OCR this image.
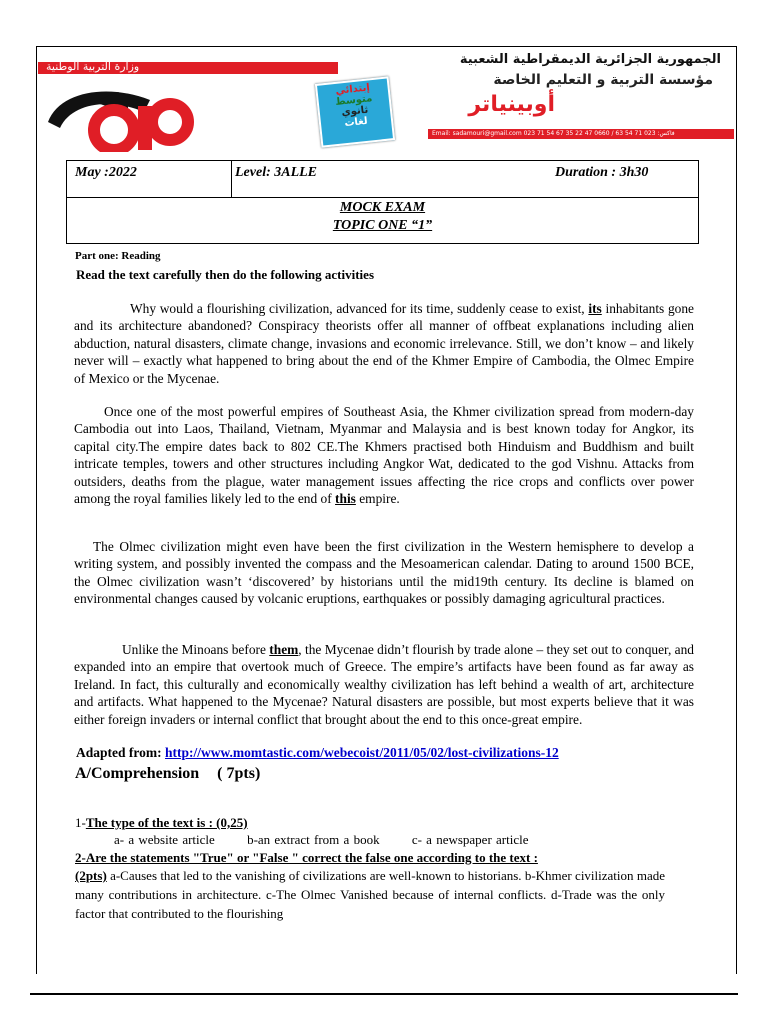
الجمهورية الجزائرية الديمقراطية الشعبية
وزارة التربية الوطنية
إبتدائي
متوسط
ثانوي
لغات
مؤسسة التربية و التعليم الخاصة
أوبينياتر
Email: sadamouri@gmail.com 023 71 54 67 فاكس: 023 71 54 63 / 0660 47 22 35
May :2022	Level: 3ALLE	Duration : 3h30
MOCK EXAM
TOPIC ONE “1”
Part one: Reading
Read the text carefully then do the following activities
Why would a flourishing civilization, advanced for its time, suddenly cease to exist, its inhabitants gone and its architecture abandoned? Conspiracy theorists offer all manner of offbeat explanations including alien abduction, natural disasters, climate change, invasions and economic irrelevance. Still, we don’t know – and likely never will – exactly what happened to bring about the end of the Khmer Empire of Cambodia, the Olmec Empire of Mexico or the Mycenae.
Once one of the most powerful empires of Southeast Asia, the Khmer civilization spread from modern-day Cambodia out into Laos, Thailand, Vietnam, Myanmar and Malaysia and is best known today for Angkor, its capital city.The empire dates back to 802 CE.The Khmers practised both Hinduism and Buddhism and built intricate temples, towers and other structures including Angkor Wat, dedicated to the god Vishnu. Attacks from outsiders, deaths from the plague, water management issues affecting the rice crops and conflicts over power among the royal families likely led to the end of this empire.
The Olmec civilization might even have been the first civilization in the Western hemisphere to develop a writing system, and possibly invented the compass and the Mesoamerican calendar. Dating to around 1500 BCE, the Olmec civilization wasn’t ‘discovered’ by historians until the mid19th century. Its decline is blamed on environmental changes caused by volcanic eruptions, earthquakes or possibly damaging agricultural practices.
Unlike the Minoans before them, the Mycenae didn’t flourish by trade alone – they set out to conquer, and expanded into an empire that overtook much of Greece. The empire’s artifacts have been found as far away as Ireland. In fact, this culturally and economically wealthy civilization has left behind a wealth of art, architecture and artifacts. What happened to the Mycenae? Natural disasters are possible, but most experts believe that it was either foreign invaders or internal conflict that brought about the end to this once-great empire.
Adapted from: http://www.momtastic.com/webecoist/2011/05/02/lost-civilizations-12
A/Comprehension ( 7pts)
1-The type of the text is : (0,25)
a- a website article b-an extract from a book c- a newspaper article
2-Are the statements "True" or "False " correct the false one according to the text :
(2pts) a-Causes that led to the vanishing of civilizations are well-known to historians. b-Khmer civilization made many contributions in architecture. c-The Olmec Vanished because of internal conflicts. d-Trade was the only factor that contributed to the flourishing
